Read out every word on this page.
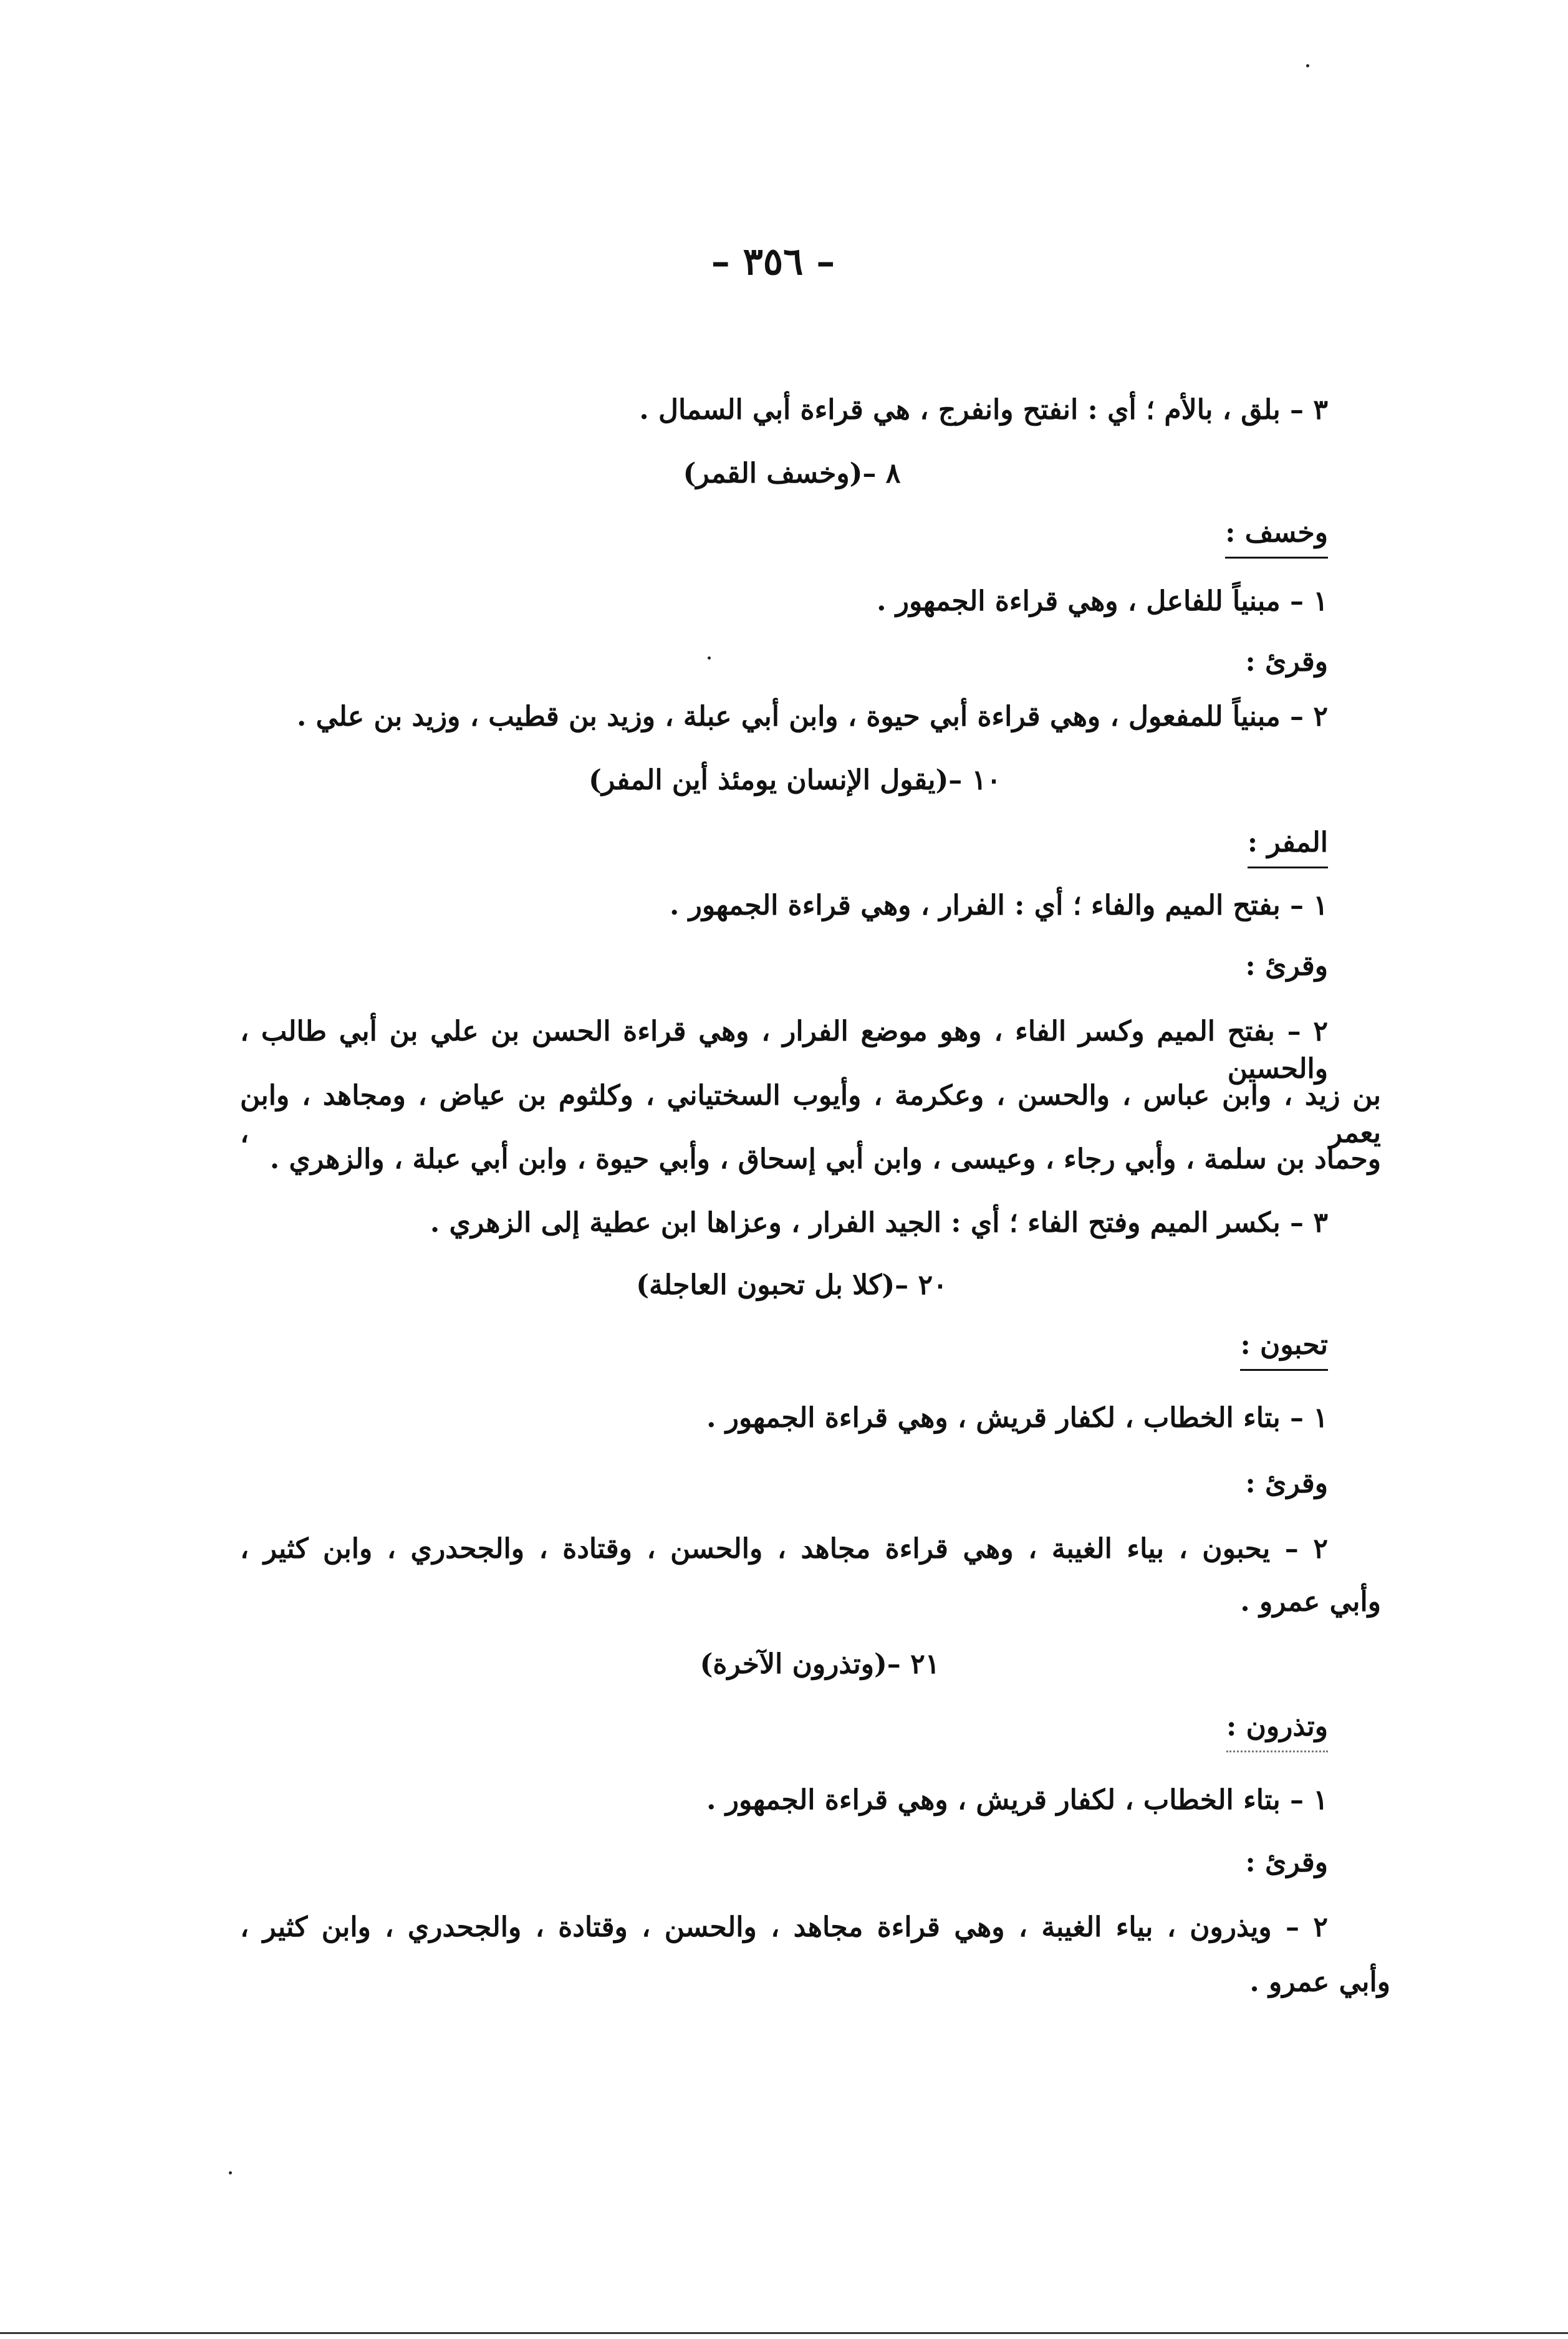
– ٣٥٦ –
٣ – بلق ، بالأم ؛ أي : انفتح وانفرج ، هي قراءة أبي السمال .
٨ –(وخسف القمر)
وخسف :
١ – مبنياً للفاعل ، وهي قراءة الجمهور .
وقرئ :
٢ – مبنياً للمفعول ، وهي قراءة أبي حيوة ، وابن أبي عبلة ، وزيد بن قطيب ، وزيد بن علي .
١٠ –(يقول الإنسان يومئذ أين المفر)
المفر :
١ – بفتح الميم والفاء ؛ أي : الفرار ، وهي قراءة الجمهور .
وقرئ :
٢ – بفتح الميم وكسر الفاء ، وهو موضع الفرار ، وهي قراءة الحسن بن علي بن أبي طالب ، والحسين
بن زيد ، وابن عباس ، والحسن ، وعكرمة ، وأيوب السختياني ، وكلثوم بن عياض ، ومجاهد ، وابن يعمر ،
وحماد بن سلمة ، وأبي رجاء ، وعيسى ، وابن أبي إسحاق ، وأبي حيوة ، وابن أبي عبلة ، والزهري .
٣ – بكسر الميم وفتح الفاء ؛ أي : الجيد الفرار ، وعزاها ابن عطية إلى الزهري .
٢٠ –(كلا بل تحبون العاجلة)
تحبون :
١ – بتاء الخطاب ، لكفار قريش ، وهي قراءة الجمهور .
وقرئ :
٢ – يحبون ، بياء الغيبة ، وهي قراءة مجاهد ، والحسن ، وقتادة ، والجحدري ، وابن كثير ،
وأبي عمرو .
٢١ –(وتذرون الآخرة)
وتذرون :
١ – بتاء الخطاب ، لكفار قريش ، وهي قراءة الجمهور .
وقرئ :
٢ – ويذرون ، بياء الغيبة ، وهي قراءة مجاهد ، والحسن ، وقتادة ، والجحدري ، وابن كثير ،
وأبي عمرو .
